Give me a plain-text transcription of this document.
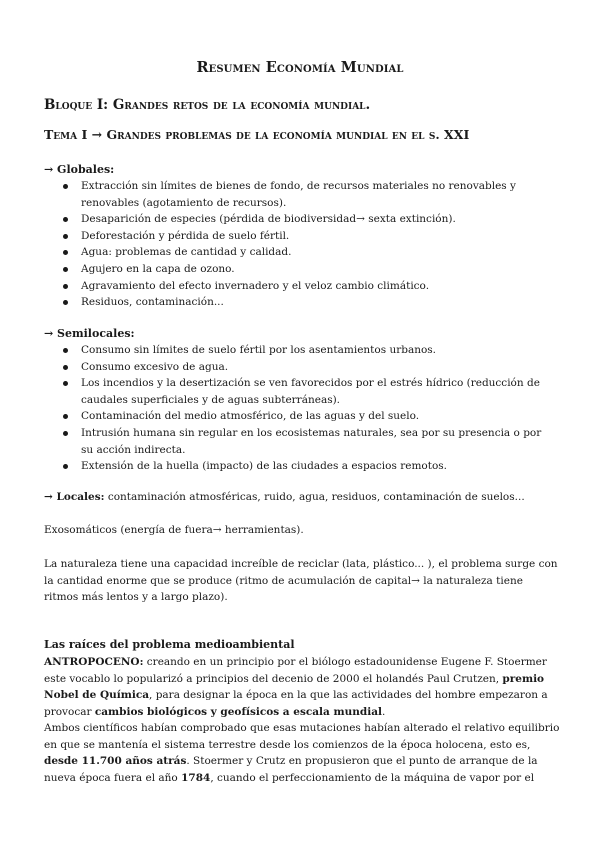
Resumen Economía Mundial
Bloque I: Grandes retos de la economía mundial.
Tema I → Grandes problemas de la economía mundial en el s. XXI
→ Globales:
Extracción sin límites de bienes de fondo, de recursos materiales no renovables y renovables (agotamiento de recursos).
Desaparición de especies (pérdida de biodiversidad→ sexta extinción).
Deforestación y pérdida de suelo fértil.
Agua: problemas de cantidad y calidad.
Agujero en la capa de ozono.
Agravamiento del efecto invernadero y el veloz cambio climático.
Residuos, contaminación...
→ Semilocales:
Consumo sin límites de suelo fértil por los asentamientos urbanos.
Consumo excesivo de agua.
Los incendios y la desertización se ven favorecidos por el estrés hídrico (reducción de caudales superficiales y de aguas subterráneas).
Contaminación del medio atmosférico, de las aguas y del suelo.
Intrusión humana sin regular en los ecosistemas naturales, sea por su presencia o por su acción indirecta.
Extensión de la huella (impacto) de las ciudades a espacios remotos.
→ Locales: contaminación atmosféricas, ruido, agua, residuos, contaminación de suelos...
Exosomáticos (energía de fuera→ herramientas).
La naturaleza tiene una capacidad increíble de reciclar (lata, plástico... ), el problema surge con la cantidad enorme que se produce (ritmo de acumulación de capital→ la naturaleza tiene ritmos más lentos y a largo plazo).
Las raíces del problema medioambiental
ANTROPOCENO: creando en un principio por el biólogo estadounidense Eugene F. Stoermer este vocablo lo popularizó a principios del decenio de 2000 el holandés Paul Crutzen, premio Nobel de Química, para designar la época en la que las actividades del hombre empezaron a provocar cambios biológicos y geofísicos a escala mundial.
Ambos científicos habían comprobado que esas mutaciones habían alterado el relativo equilibrio en que se mantenía el sistema terrestre desde los comienzos de la época holocena, esto es, desde 11.700 años atrás. Stoermer y Crutz en propusieron que el punto de arranque de la nueva época fuera el año 1784, cuando el perfeccionamiento de la máquina de vapor por el
